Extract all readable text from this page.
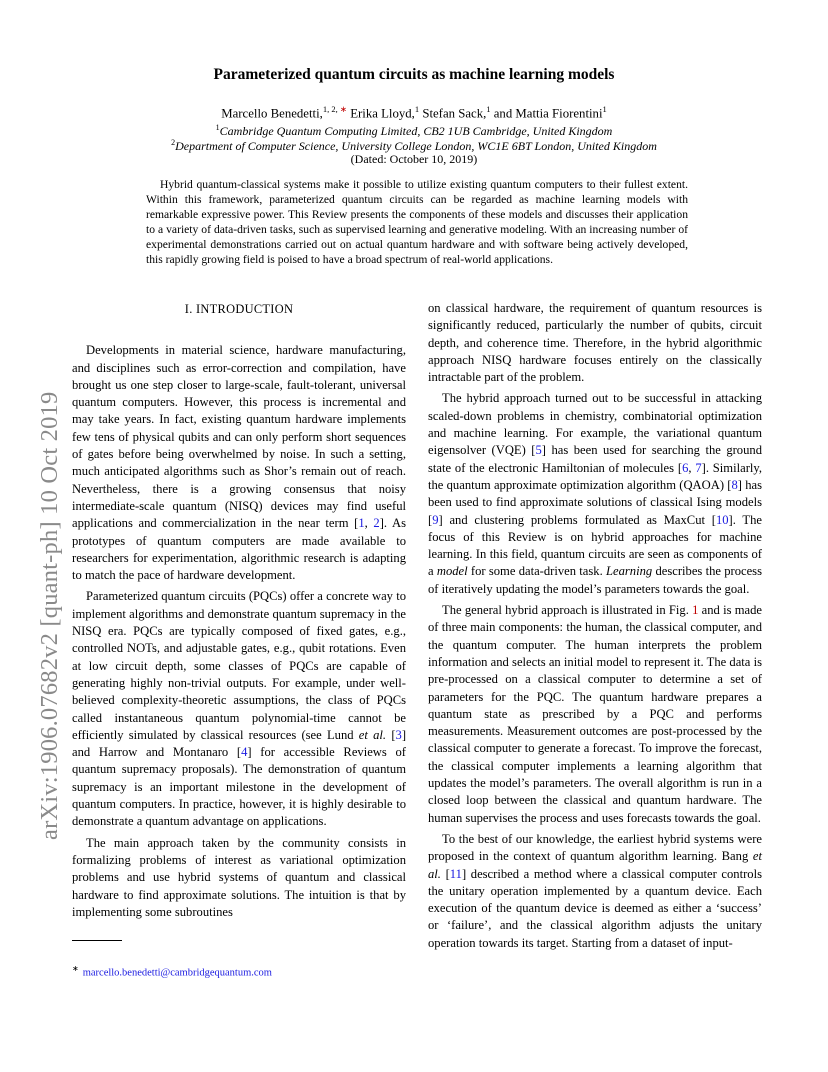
arXiv:1906.07682v2 [quant-ph] 10 Oct 2019
Parameterized quantum circuits as machine learning models
Marcello Benedetti,$^{1, 2, ∗}$ Erika Lloyd,$^1$ Stefan Sack,$^1$ and Mattia Fiorentini$^1$
$^1$Cambridge Quantum Computing Limited, CB2 1UB Cambridge, United Kingdom
$^2$Department of Computer Science, University College London, WC1E 6BT London, United Kingdom
(Dated: October 10, 2019)

Hybrid quantum-classical systems make it possible to utilize existing quantum computers to their fullest extent. Within this framework, parameterized quantum circuits can be regarded as machine learning models with remarkable expressive power. This Review presents the components of these models and discusses their application to a variety of data-driven tasks, such as supervised learning and generative modeling. With an increasing number of experimental demonstrations carried out on actual quantum hardware and with software being actively developed, this rapidly growing field is poised to have a broad spectrum of real-world applications.

I. INTRODUCTION

Developments in material science, hardware manufacturing, and disciplines such as error-correction and compilation, have brought us one step closer to large-scale, fault-tolerant, universal quantum computers. However, this process is incremental and may take years. In fact, existing quantum hardware implements few tens of physical qubits and can only perform short sequences of gates before being overwhelmed by noise. In such a setting, much anticipated algorithms such as Shor’s remain out of reach. Nevertheless, there is a growing consensus that noisy intermediate-scale quantum (NISQ) devices may find useful applications and commercialization in the near term [1, 2]. As prototypes of quantum computers are made available to researchers for experimentation, algorithmic research is adapting to match the pace of hardware development.

Parameterized quantum circuits (PQCs) offer a concrete way to implement algorithms and demonstrate quantum supremacy in the NISQ era. PQCs are typically composed of fixed gates, e.g., controlled NOTs, and adjustable gates, e.g., qubit rotations. Even at low circuit depth, some classes of PQCs are capable of generating highly non-trivial outputs. For example, under well-believed complexity-theoretic assumptions, the class of PQCs called instantaneous quantum polynomial-time cannot be efficiently simulated by classical resources (see Lund et al. [3] and Harrow and Montanaro [4] for accessible Reviews of quantum supremacy proposals). The demonstration of quantum supremacy is an important milestone in the development of quantum computers. In practice, however, it is highly desirable to demonstrate a quantum advantage on applications.

The main approach taken by the community consists in formalizing problems of interest as variational optimization problems and use hybrid systems of quantum and classical hardware to find approximate solutions. The intuition is that by implementing some subroutines

on classical hardware, the requirement of quantum resources is significantly reduced, particularly the number of qubits, circuit depth, and coherence time. Therefore, in the hybrid algorithmic approach NISQ hardware focuses entirely on the classically intractable part of the problem.

The hybrid approach turned out to be successful in attacking scaled-down problems in chemistry, combinatorial optimization and machine learning. For example, the variational quantum eigensolver (VQE) [5] has been used for searching the ground state of the electronic Hamiltonian of molecules [6, 7]. Similarly, the quantum approximate optimization algorithm (QAOA) [8] has been used to find approximate solutions of classical Ising models [9] and clustering problems formulated as MaxCut [10]. The focus of this Review is on hybrid approaches for machine learning. In this field, quantum circuits are seen as components of a model for some data-driven task. Learning describes the process of iteratively updating the model’s parameters towards the goal.

The general hybrid approach is illustrated in Fig. 1 and is made of three main components: the human, the classical computer, and the quantum computer. The human interprets the problem information and selects an initial model to represent it. The data is pre-processed on a classical computer to determine a set of parameters for the PQC. The quantum hardware prepares a quantum state as prescribed by a PQC and performs measurements. Measurement outcomes are post-processed by the classical computer to generate a forecast. To improve the forecast, the classical computer implements a learning algorithm that updates the model’s parameters. The overall algorithm is run in a closed loop between the classical and quantum hardware. The human supervises the process and uses forecasts towards the goal.

To the best of our knowledge, the earliest hybrid systems were proposed in the context of quantum algorithm learning. Bang et al. [11] described a method where a classical computer controls the unitary operation implemented by a quantum device. Each execution of the quantum device is deemed as either a ‘success’ or ‘failure’, and the classical algorithm adjusts the unitary operation towards its target. Starting from a dataset of input-

∗ marcello.benedetti@cambridgequantum.com
